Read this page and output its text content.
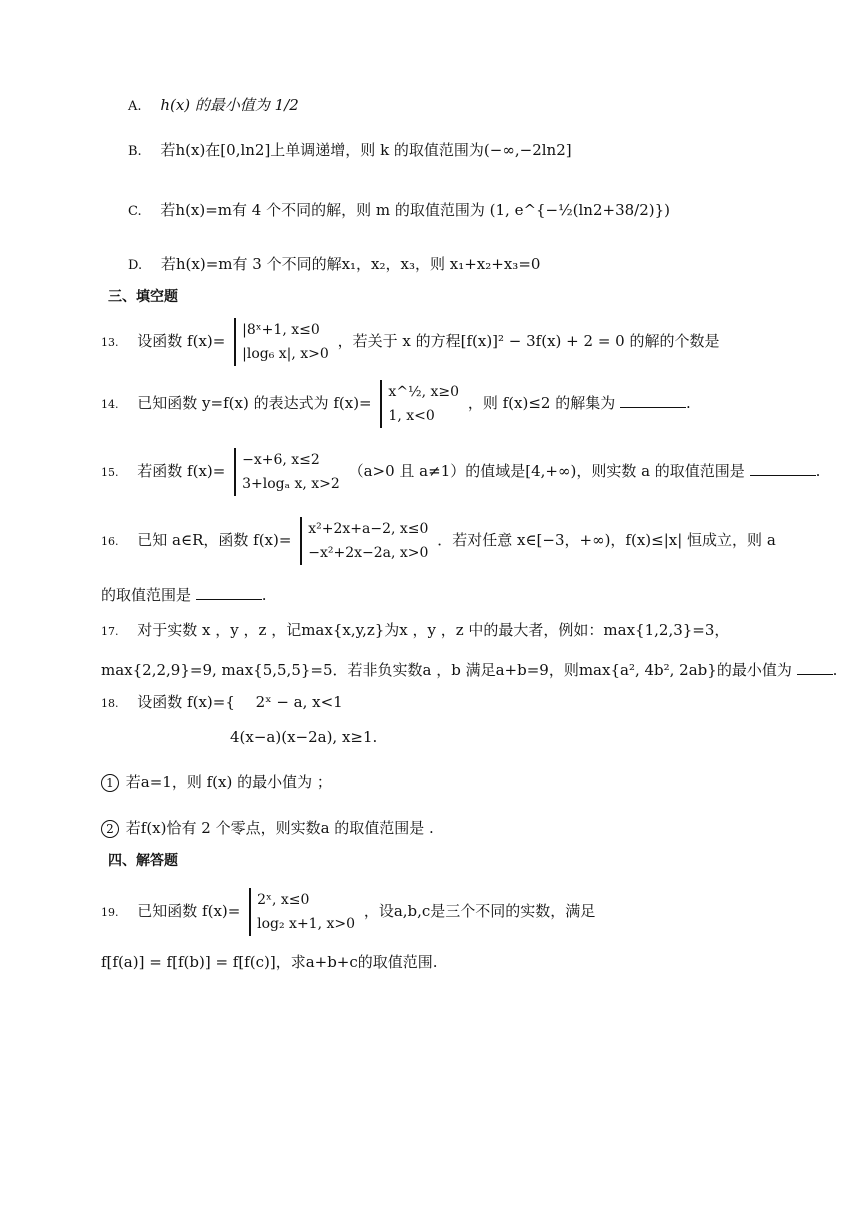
A. h(x) 的最小值为 1/2
B. 若h(x)在[0,ln2]上单调递增，则 k 的取值范围为(−∞,−2ln2]
C. 若h(x)=m有 4 个不同的解，则 m 的取值范围为 (1, e^{−½(ln2+38/2)})
D. 若h(x)=m有 3 个不同的解x₁，x₂，x₃，则 x₁+x₂+x₃=0
三、填空题
13. 设函数 f(x)=
|8ˣ+1, x≤0
|log₆ x|, x>0
，若关于 x 的方程[f(x)]² − 3f(x) + 2 = 0 的解的个数是
14. 已知函数 y=f(x) 的表达式为 f(x)=
x^½, x≥0
1, x<0
，则 f(x)≤2 的解集为	.
15. 若函数 f(x)=
−x+6, x≤2
3+logₐ x, x>2
（a>0 且 a≠1）的值域是[4,+∞)，则实数 a 的取值范围是	.
16. 已知 a∈R，函数 f(x)=
x²+2x+a−2, x≤0
−x²+2x−2a, x>0
．若对任意 x∈[−3，+∞)，f(x)≤|x| 恒成立，则 a
的取值范围是	.
17. 对于实数 x ，y ，z ，记max{x,y,z}为x ，y ，z 中的最大者，例如：max{1,2,3}=3，
max{2,2,9}=9, max{5,5,5}=5．若非负实数a ，b 满足a+b=9，则max{a², 4b², 2ab}的最小值为	.
18. 设函数 f(x)={ 2ˣ − a, x<1
4(x−a)(x−2a), x≥1.
1 若a=1，则 f(x) 的最小值为 ；
2 若f(x)恰有 2 个零点，则实数a 的取值范围是 .
四、解答题
19. 已知函数 f(x)=
2ˣ, x≤0
log₂ x+1, x>0
，设a,b,c是三个不同的实数，满足
f[f(a)] = f[f(b)] = f[f(c)]，求a+b+c的取值范围.
